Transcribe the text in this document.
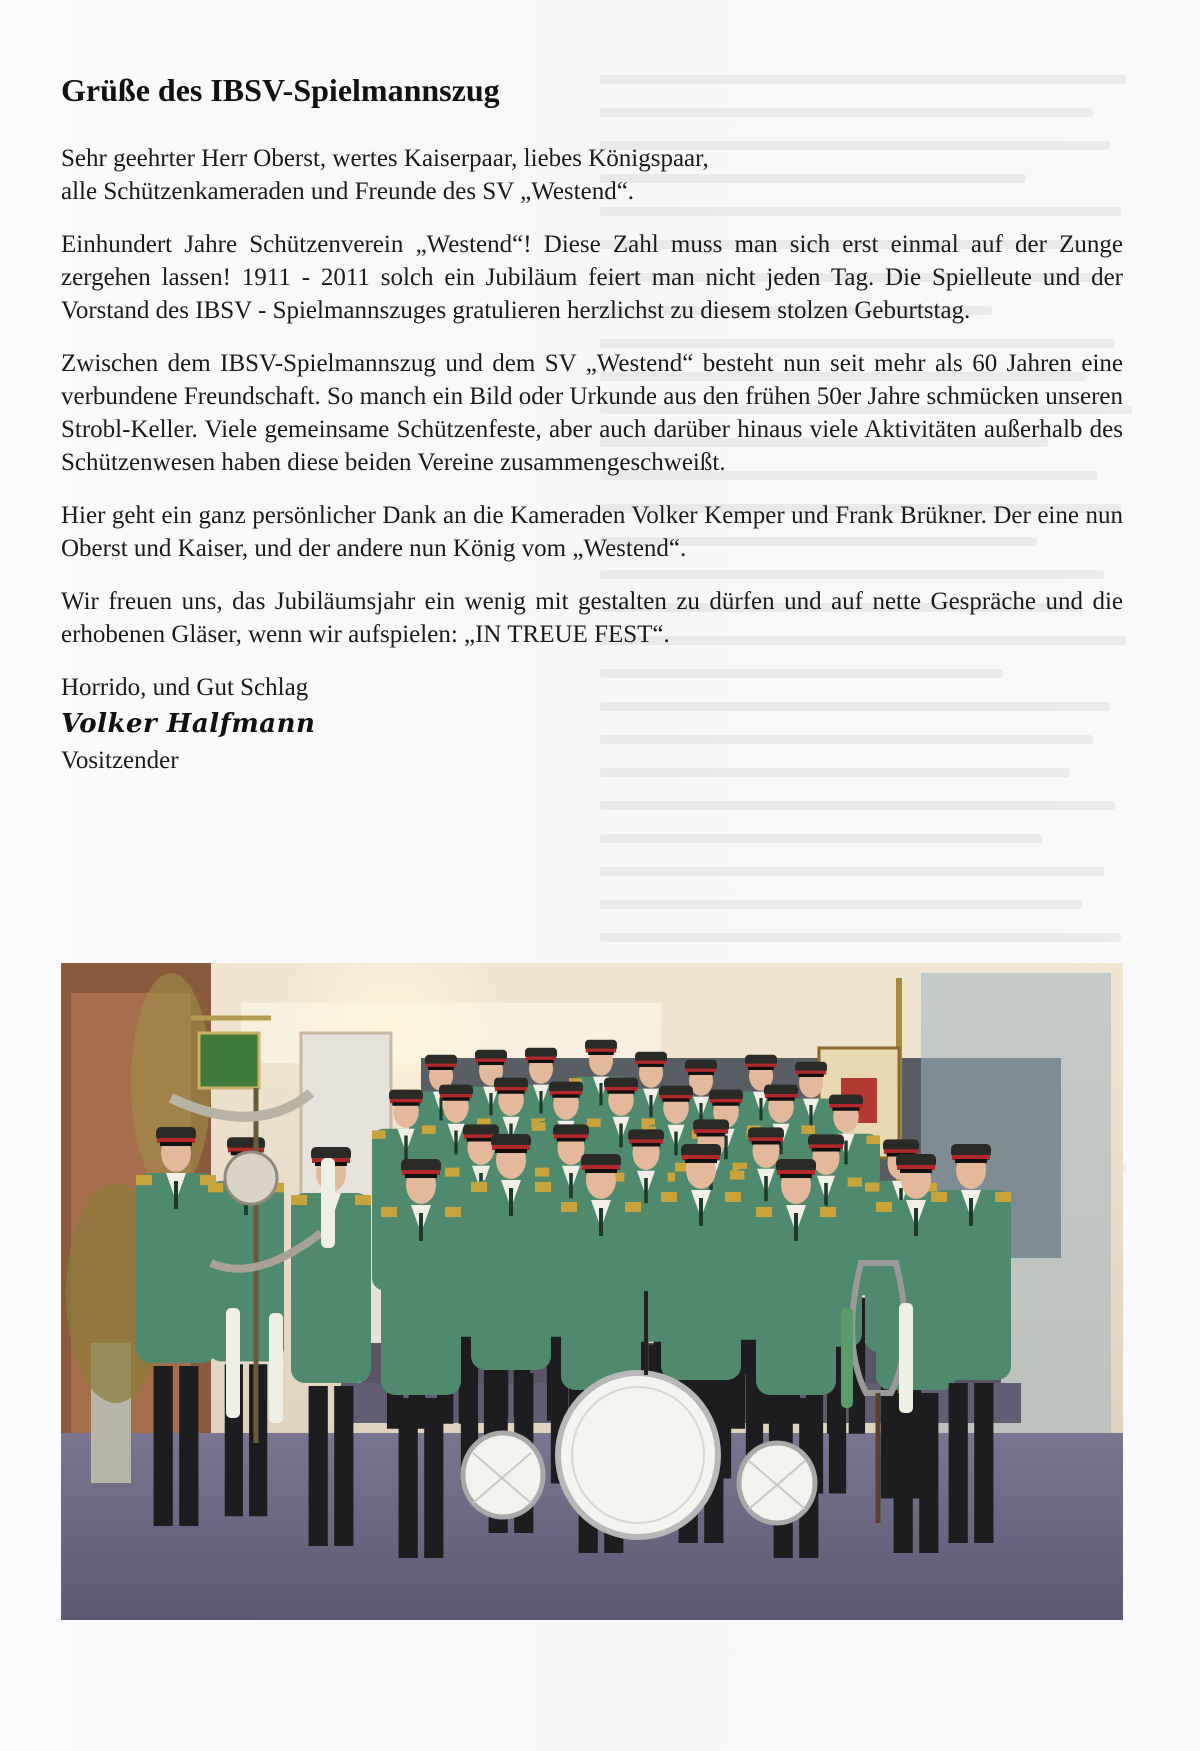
Grüße des IBSV-Spielmannszug

Sehr geehrter Herr Oberst, wertes Kaiserpaar, liebes Königspaar,
alle Schützenkameraden und Freunde des SV „Westend“.

Einhundert Jahre Schützenverein „Westend“! Diese Zahl muss man sich erst einmal auf der Zunge zergehen lassen! 1911 - 2011 solch ein Jubiläum feiert man nicht jeden Tag. Die Spielleute und der Vorstand des IBSV - Spielmannszuges gratulieren herzlichst zu diesem stolzen Geburtstag.

Zwischen dem IBSV-Spielmannszug und dem SV „Westend“ besteht nun seit mehr als 60 Jahren eine verbundene Freundschaft. So manch ein Bild oder Urkunde aus den frühen 50er Jahre schmücken unseren Strobl-Keller. Viele gemeinsame Schützenfeste, aber auch darüber hinaus viele Aktivitäten außerhalb des Schützenwesen haben diese beiden Vereine zusammengeschweißt.

Hier geht ein ganz persönlicher Dank an die Kameraden Volker Kemper und Frank Brükner. Der eine nun Oberst und Kaiser, und der andere nun König vom „Westend“.

Wir freuen uns, das Jubiläumsjahr ein wenig mit gestalten zu dürfen und auf nette Gespräche und die erhobenen Gläser, wenn wir aufspielen: „IN TREUE FEST“.

Horrido, und Gut Schlag
Volker Halfmann
Vositzender
